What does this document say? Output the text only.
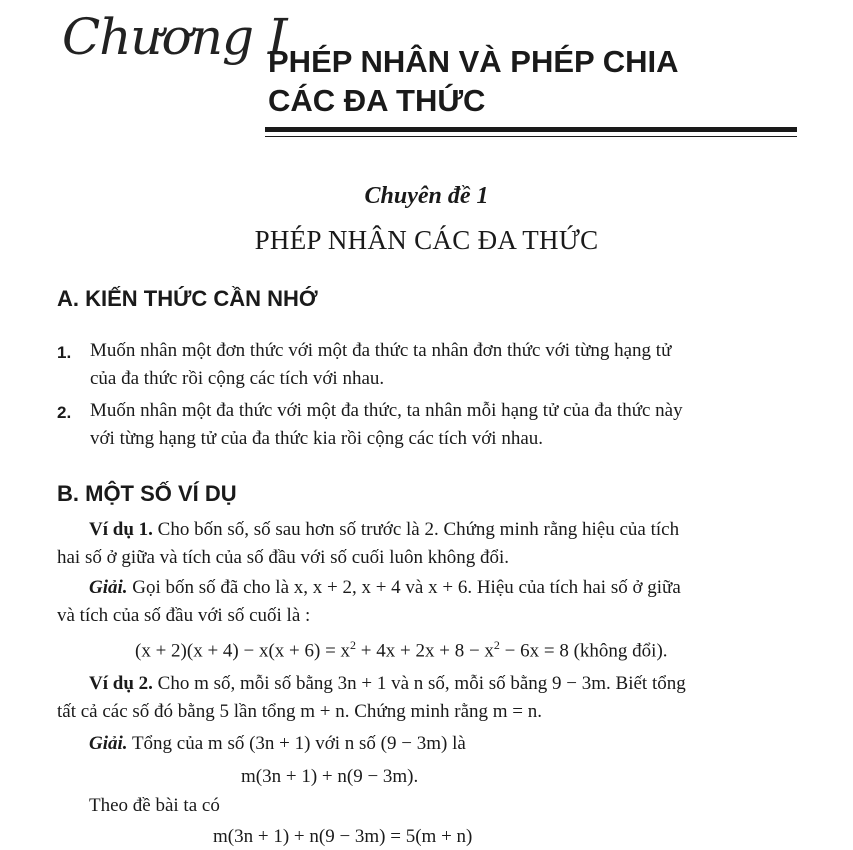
Chương I
PHÉP NHÂN VÀ PHÉP CHIA
CÁC ĐA THỨC
Chuyên đề 1
PHÉP NHÂN CÁC ĐA THỨC
A. KIẾN THỨC CẦN NHỚ
1. Muốn nhân một đơn thức với một đa thức ta nhân đơn thức với từng hạng tử
của đa thức rồi cộng các tích với nhau.
2. Muốn nhân một đa thức với một đa thức, ta nhân mỗi hạng tử của đa thức này
với từng hạng tử của đa thức kia rồi cộng các tích với nhau.
B. MỘT SỐ VÍ DỤ
Ví dụ 1. Cho bốn số, số sau hơn số trước là 2. Chứng minh rằng hiệu của tích
hai số ở giữa và tích của số đầu với số cuối luôn không đổi.
Giải. Gọi bốn số đã cho là x, x + 2, x + 4 và x + 6. Hiệu của tích hai số ở giữa
và tích của số đầu với số cuối là :
$(x + 2)(x + 4) - x(x + 6) = x^2 + 4x + 2x + 8 - x^2 - 6x = 8$ (không đổi).
Ví dụ 2. Cho m số, mỗi số bằng 3n + 1 và n số, mỗi số bằng 9 − 3m. Biết tổng
tất cả các số đó bằng 5 lần tổng m + n. Chứng minh rằng m = n.
Giải. Tổng của m số (3n + 1) với n số (9 − 3m) là
m(3n + 1) + n(9 − 3m).
Theo đề bài ta có
m(3n + 1) + n(9 − 3m) = 5(m + n)
